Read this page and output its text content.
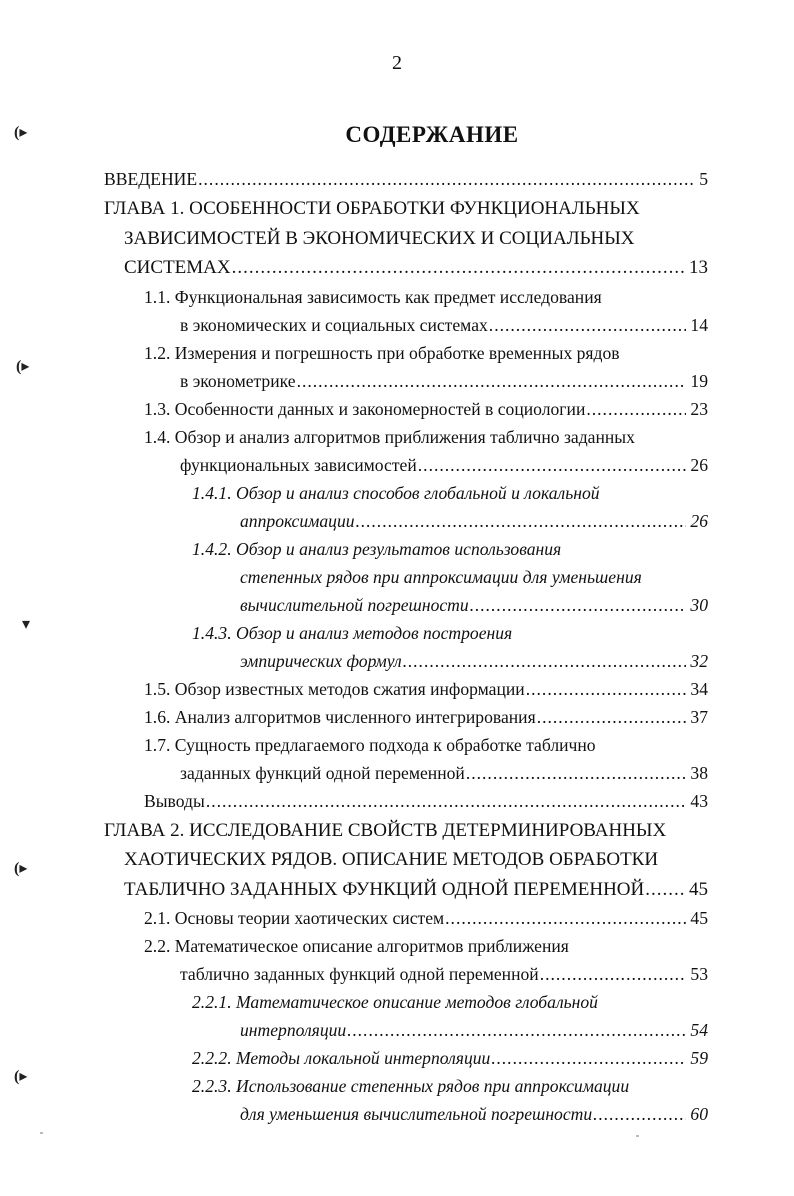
2
СОДЕРЖАНИЕ
(▸
(▸
▾
(▸
(▸
ВВЕДЕНИЕ .....	5
ГЛАВА 1. ОСОБЕННОСТИ ОБРАБОТКИ ФУНКЦИОНАЛЬНЫХ
ЗАВИСИМОСТЕЙ В ЭКОНОМИЧЕСКИХ И СОЦИАЛЬНЫХ
СИСТЕМАХ .....	13
1.1. Функциональная зависимость как предмет исследования
в экономических и социальных системах .....	14
1.2. Измерения и погрешность при обработке временных рядов
в эконометрике .....	19
1.3. Особенности данных и закономерностей в социологии .....	23
1.4. Обзор и анализ алгоритмов приближения таблично заданных
функциональных зависимостей .....	26
1.4.1. Обзор и анализ способов глобальной и локальной
аппроксимации .....	26
1.4.2. Обзор и анализ результатов использования
степенных рядов при аппроксимации для уменьшения
вычислительной погрешности .....	30
1.4.3. Обзор и анализ методов построения
эмпирических формул .....	32
1.5. Обзор известных методов сжатия информации .....	34
1.6. Анализ алгоритмов численного интегрирования .....	37
1.7. Сущность предлагаемого подхода к обработке таблично
заданных функций одной переменной .....	38
Выводы .....	43
ГЛАВА 2. ИССЛЕДОВАНИЕ СВОЙСТВ ДЕТЕРМИНИРОВАННЫХ
ХАОТИЧЕСКИХ РЯДОВ. ОПИСАНИЕ МЕТОДОВ ОБРАБОТКИ
ТАБЛИЧНО ЗАДАННЫХ ФУНКЦИЙ ОДНОЙ ПЕРЕМЕННОЙ ..... 45
2.1. Основы теории хаотических систем .....	45
2.2. Математическое описание алгоритмов приближения
таблично заданных функций одной переменной .....	53
2.2.1. Математическое описание методов глобальной
интерполяции .....	54
2.2.2. Методы локальной интерполяции .....	59
2.2.3. Использование степенных рядов при аппроксимации
для уменьшения вычислительной погрешности .....	60
